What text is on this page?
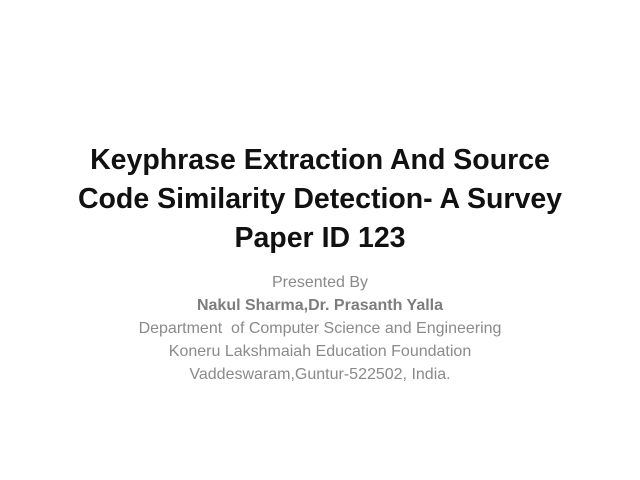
Keyphrase Extraction And Source
Code Similarity Detection- A Survey
Paper ID 123
Presented By
Nakul Sharma,Dr. Prasanth Yalla
Department  of Computer Science and Engineering
Koneru Lakshmaiah Education Foundation
Vaddeswaram,Guntur-522502, India.
